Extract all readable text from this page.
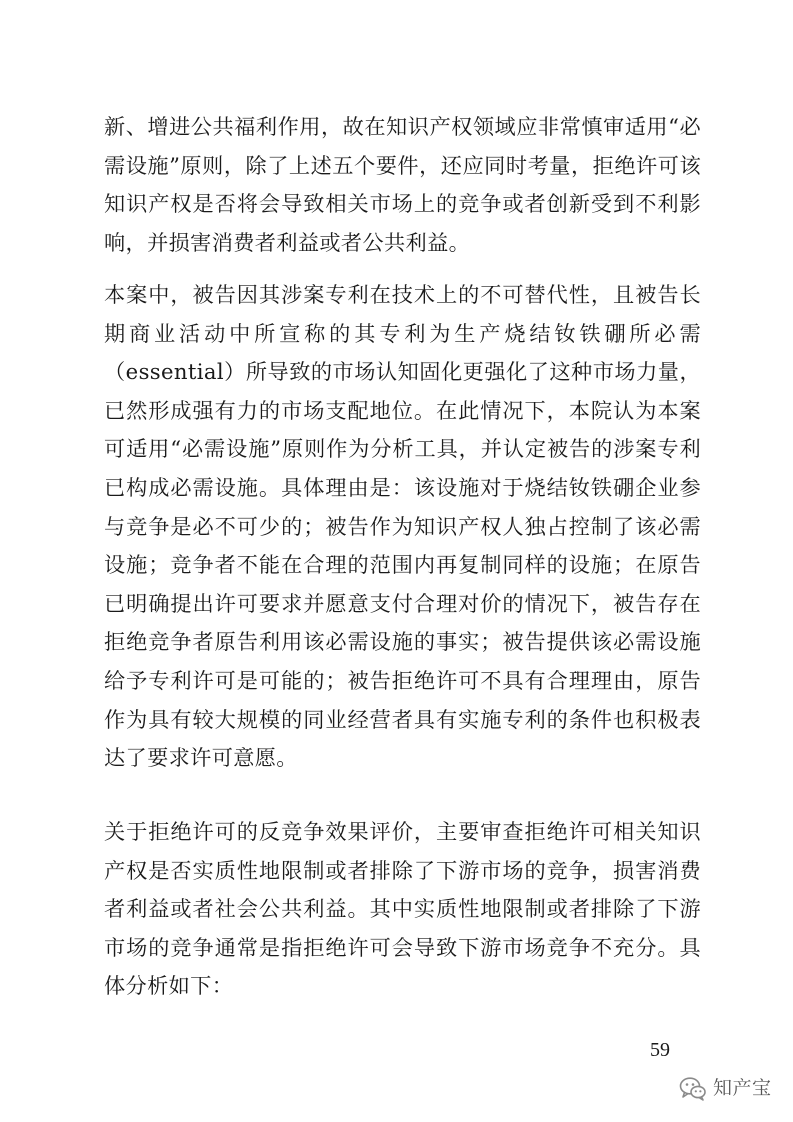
新、增进公共福利作用，故在知识产权领域应非常慎审适用“必需设施”原则，除了上述五个要件，还应同时考量，拒绝许可该知识产权是否将会导致相关市场上的竞争或者创新受到不利影响，并损害消费者利益或者公共利益。

本案中，被告因其涉案专利在技术上的不可替代性，且被告长期商业活动中所宣称的其专利为生产烧结钕铁硼所必需（essential）所导致的市场认知固化更强化了这种市场力量，已然形成强有力的市场支配地位。在此情况下，本院认为本案可适用“必需设施”原则作为分析工具，并认定被告的涉案专利已构成必需设施。具体理由是：该设施对于烧结钕铁硼企业参与竞争是必不可少的；被告作为知识产权人独占控制了该必需设施；竞争者不能在合理的范围内再复制同样的设施；在原告已明确提出许可要求并愿意支付合理对价的情况下，被告存在拒绝竞争者原告利用该必需设施的事实；被告提供该必需设施给予专利许可是可能的；被告拒绝许可不具有合理理由，原告作为具有较大规模的同业经营者具有实施专利的条件也积极表达了要求许可意愿。

关于拒绝许可的反竞争效果评价，主要审查拒绝许可相关知识产权是否实质性地限制或者排除了下游市场的竞争，损害消费者利益或者社会公共利益。其中实质性地限制或者排除了下游市场的竞争通常是指拒绝许可会导致下游市场竞争不充分。具体分析如下：

59
知产宝
